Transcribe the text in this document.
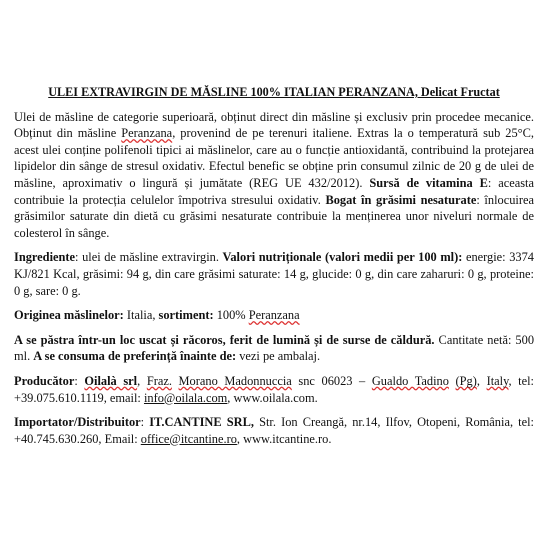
ULEI EXTRAVIRGIN DE MĂSLINE 100% ITALIAN PERANZANA, Delicat Fructat

Ulei de măsline de categorie superioară, obținut direct din măsline și exclusiv prin procedee mecanice. Obținut din măsline Peranzana, provenind de pe terenuri italiene. Extras la o temperatură sub 25°C, acest ulei conține polifenoli tipici ai măslinelor, care au o funcție antioxidantă, contribuind la protejarea lipidelor din sânge de stresul oxidativ. Efectul benefic se obține prin consumul zilnic de 20 g de ulei de măsline, aproximativ o lingură și jumătate (REG UE 432/2012). Sursă de vitamina E: aceasta contribuie la protecția celulelor împotriva stresului oxidativ. Bogat în grăsimi nesaturate: înlocuirea grăsimilor saturate din dietă cu grăsimi nesaturate contribuie la menținerea unor niveluri normale de colesterol în sânge.

Ingrediente: ulei de măsline extravirgin. Valori nutriționale (valori medii per 100 ml): energie: 3374 KJ/821 Kcal, grăsimi: 94 g, din care grăsimi saturate: 14 g, glucide: 0 g, din care zaharuri: 0 g, proteine: 0 g, sare: 0 g.

Originea măslinelor: Italia, sortiment: 100% Peranzana

A se păstra într-un loc uscat și răcoros, ferit de lumină și de surse de căldură. Cantitate netă: 500 ml. A se consuma de preferință înainte de: vezi pe ambalaj.

Producător: Oilalà srl, Fraz. Morano Madonnuccia snc 06023 – Gualdo Tadino (Pg), Italy, tel: +39.075.610.1119, email: info@oilala.com, www.oilala.com.

Importator/Distribuitor: IT.CANTINE SRL, Str. Ion Creangă, nr.14, Ilfov, Otopeni, România, tel: +40.745.630.260, Email: office@itcantine.ro, www.itcantine.ro.
